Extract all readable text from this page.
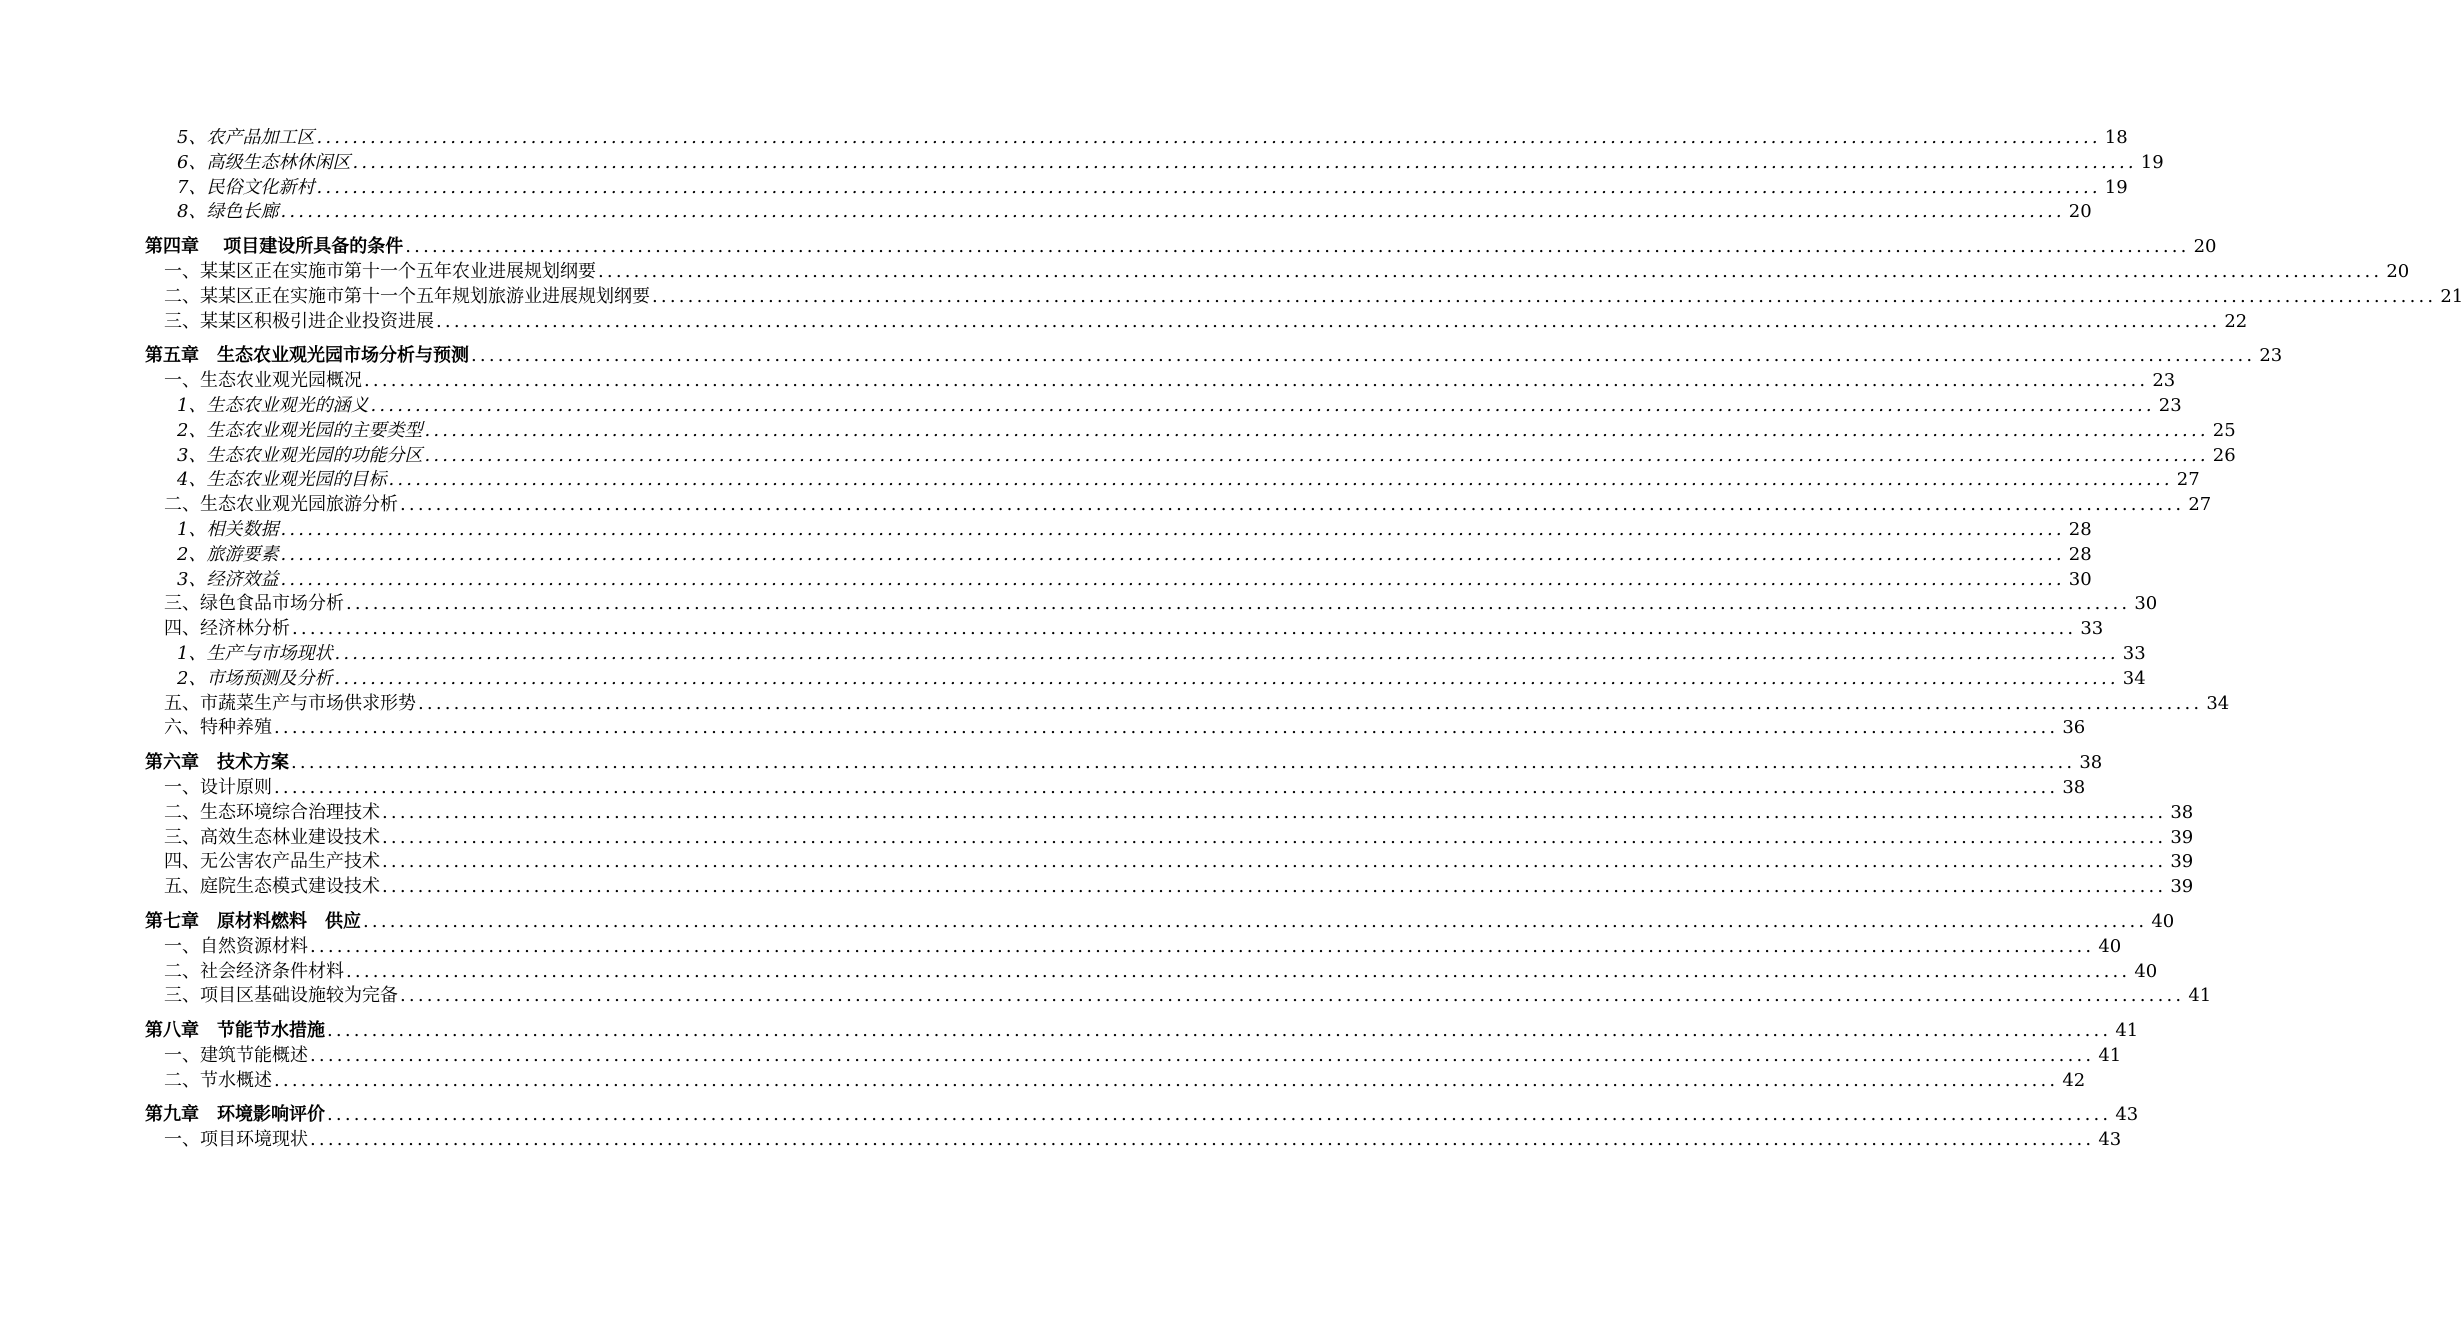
5、农产品加工区 ........................................................................................................................................................................................................ 18
6、高级生态林休闲区 ........................................................................................................................................................................................................ 19
7、民俗文化新村 ........................................................................................................................................................................................................ 19
8、绿色长廊 ........................................................................................................................................................................................................ 20
第四章　 项目建设所具备的条件 ........................................................................................................................................................................................................ 20
一、某某区正在实施市第十一个五年农业进展规划纲要 ........................................................................................................................................................................................................ 20
二、某某区正在实施市第十一个五年规划旅游业进展规划纲要 ........................................................................................................................................................................................................ 21
三、某某区积极引进企业投资进展 ........................................................................................................................................................................................................ 22
第五章　生态农业观光园市场分析与预测 ........................................................................................................................................................................................................ 23
一、生态农业观光园概况 ........................................................................................................................................................................................................ 23
1、生态农业观光的涵义 ........................................................................................................................................................................................................ 23
2、生态农业观光园的主要类型 ........................................................................................................................................................................................................ 25
3、生态农业观光园的功能分区 ........................................................................................................................................................................................................ 26
4、生态农业观光园的目标 ........................................................................................................................................................................................................ 27
二、生态农业观光园旅游分析 ........................................................................................................................................................................................................ 27
1、相关数据 ........................................................................................................................................................................................................ 28
2、旅游要素 ........................................................................................................................................................................................................ 28
3、经济效益 ........................................................................................................................................................................................................ 30
三、绿色食品市场分析 ........................................................................................................................................................................................................ 30
四、经济林分析 ........................................................................................................................................................................................................ 33
1、生产与市场现状 ........................................................................................................................................................................................................ 33
2、市场预测及分析 ........................................................................................................................................................................................................ 34
五、市蔬菜生产与市场供求形势 ........................................................................................................................................................................................................ 34
六、特种养殖 ........................................................................................................................................................................................................ 36
第六章　技术方案 ........................................................................................................................................................................................................ 38
一、设计原则 ........................................................................................................................................................................................................ 38
二、生态环境综合治理技术 ........................................................................................................................................................................................................ 38
三、高效生态林业建设技术 ........................................................................................................................................................................................................ 39
四、无公害农产品生产技术 ........................................................................................................................................................................................................ 39
五、庭院生态模式建设技术 ........................................................................................................................................................................................................ 39
第七章　原材料燃料　供应 ........................................................................................................................................................................................................ 40
一、自然资源材料 ........................................................................................................................................................................................................ 40
二、社会经济条件材料 ........................................................................................................................................................................................................ 40
三、项目区基础设施较为完备 ........................................................................................................................................................................................................ 41
第八章　节能节水措施 ........................................................................................................................................................................................................ 41
一、建筑节能概述 ........................................................................................................................................................................................................ 41
二、节水概述 ........................................................................................................................................................................................................ 42
第九章　环境影响评价 ........................................................................................................................................................................................................ 43
一、项目环境现状 ........................................................................................................................................................................................................ 43
